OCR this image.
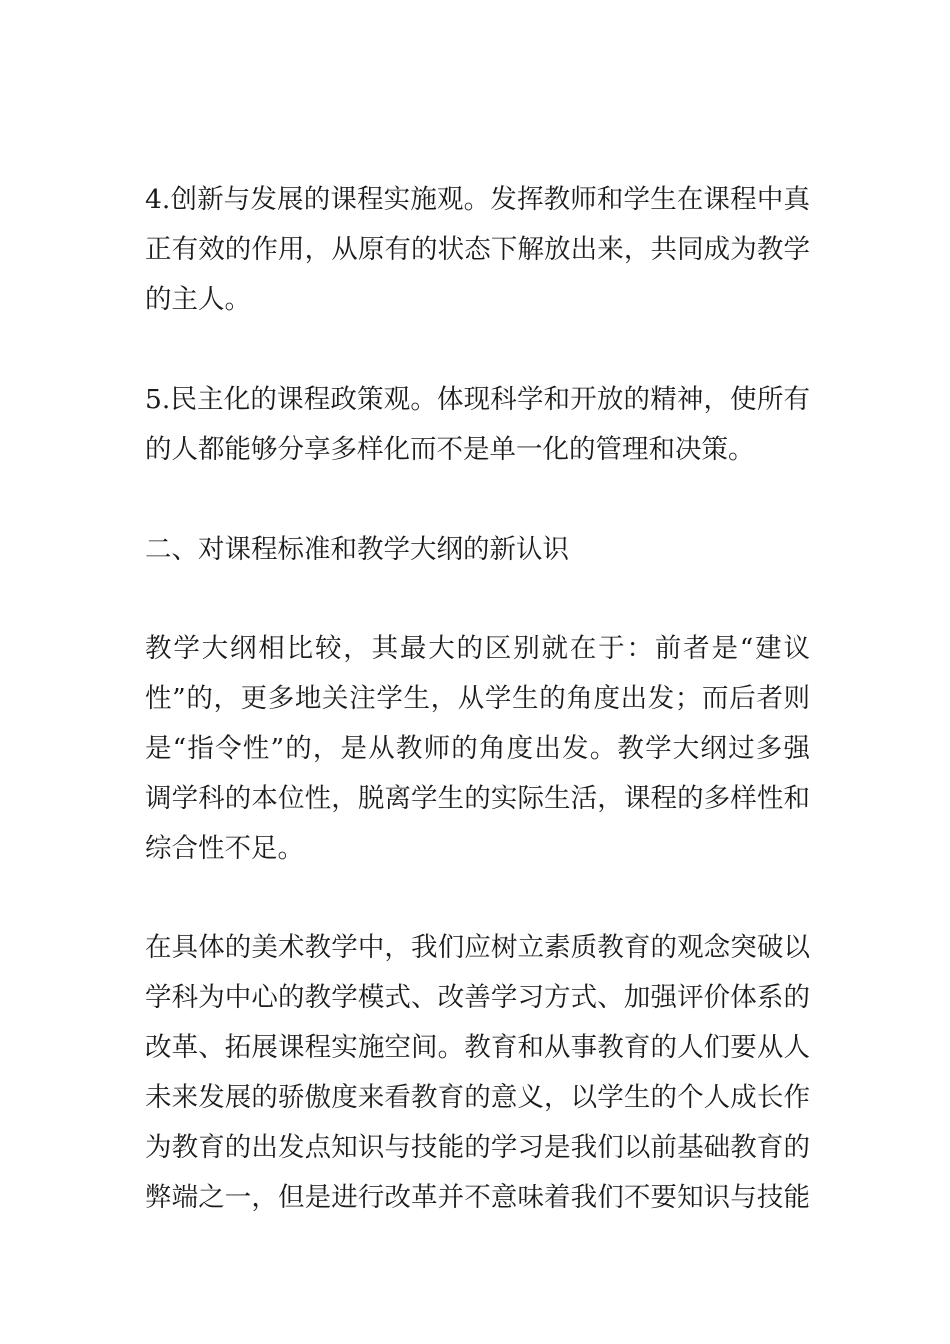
4.创新与发展的课程实施观。发挥教师和学生在课程中真
正有效的作用，从原有的状态下解放出来，共同成为教学
的主人。
5.民主化的课程政策观。体现科学和开放的精神，使所有
的人都能够分享多样化而不是单一化的管理和决策。
二、对课程标准和教学大纲的新认识
教学大纲相比较，其最大的区别就在于：前者是“建议
性”的，更多地关注学生，从学生的角度出发；而后者则
是“指令性”的，是从教师的角度出发。教学大纲过多强
调学科的本位性，脱离学生的实际生活，课程的多样性和
综合性不足。
在具体的美术教学中，我们应树立素质教育的观念突破以
学科为中心的教学模式、改善学习方式、加强评价体系的
改革、拓展课程实施空间。教育和从事教育的人们要从人
未来发展的骄傲度来看教育的意义，以学生的个人成长作
为教育的出发点知识与技能的学习是我们以前基础教育的
弊端之一，但是进行改革并不意味着我们不要知识与技能
